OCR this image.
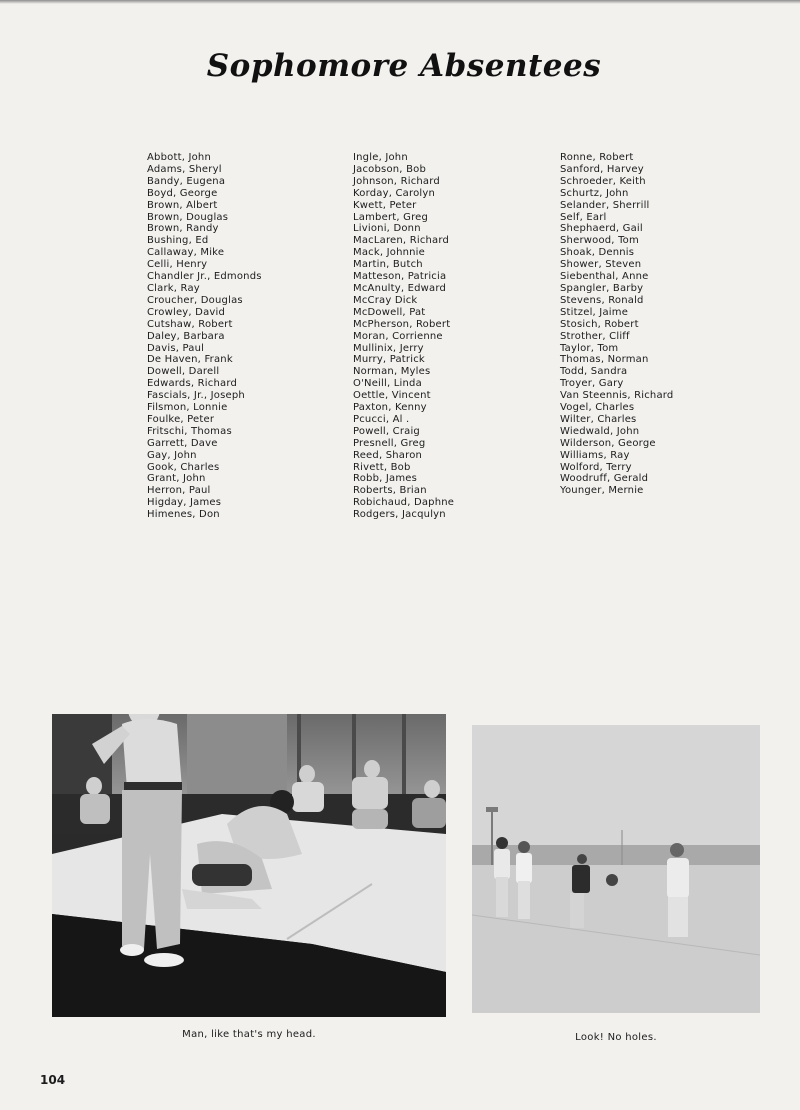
Sophomore Absentees
Abbott, John
Adams, Sheryl
Bandy, Eugena
Boyd, George
Brown, Albert
Brown, Douglas
Brown, Randy
Bushing, Ed
Callaway, Mike
Celli, Henry
Chandler Jr., Edmonds
Clark, Ray
Croucher, Douglas
Crowley, David
Cutshaw, Robert
Daley, Barbara
Davis, Paul
De Haven, Frank
Dowell, Darell
Edwards, Richard
Fascials, Jr., Joseph
Filsmon, Lonnie
Foulke, Peter
Fritschi, Thomas
Garrett, Dave
Gay, John
Gook, Charles
Grant, John
Herron, Paul
Higday, James
Himenes, Don
Ingle, John
Jacobson, Bob
Johnson, Richard
Korday, Carolyn
Kwett, Peter
Lambert, Greg
Livioni, Donn
MacLaren, Richard
Mack, Johnnie
Martin, Butch
Matteson, Patricia
McAnulty, Edward
McCray Dick
McDowell, Pat
McPherson, Robert
Moran, Corrienne
Mullinix, Jerry
Murry, Patrick
Norman, Myles
O'Neill, Linda
Oettle, Vincent
Paxton, Kenny
Pcucci, Al .
Powell, Craig
Presnell, Greg
Reed, Sharon
Rivett, Bob
Robb, James
Roberts, Brian
Robichaud, Daphne
Rodgers, Jacqulyn
Ronne, Robert
Sanford, Harvey
Schroeder, Keith
Schurtz, John
Selander, Sherrill
Self, Earl
Shephaerd, Gail
Sherwood, Tom
Shoak, Dennis
Shower, Steven
Siebenthal, Anne
Spangler, Barby
Stevens, Ronald
Stitzel, Jaime
Stosich, Robert
Strother, Cliff
Taylor, Tom
Thomas, Norman
Todd, Sandra
Troyer, Gary
Van Steennis, Richard
Vogel, Charles
Wilter, Charles
Wiedwald, John
Wilderson, George
Williams, Ray
Wolford, Terry
Woodruff, Gerald
Younger, Mernie
Man, like that's my head.	Look! No holes.
104
